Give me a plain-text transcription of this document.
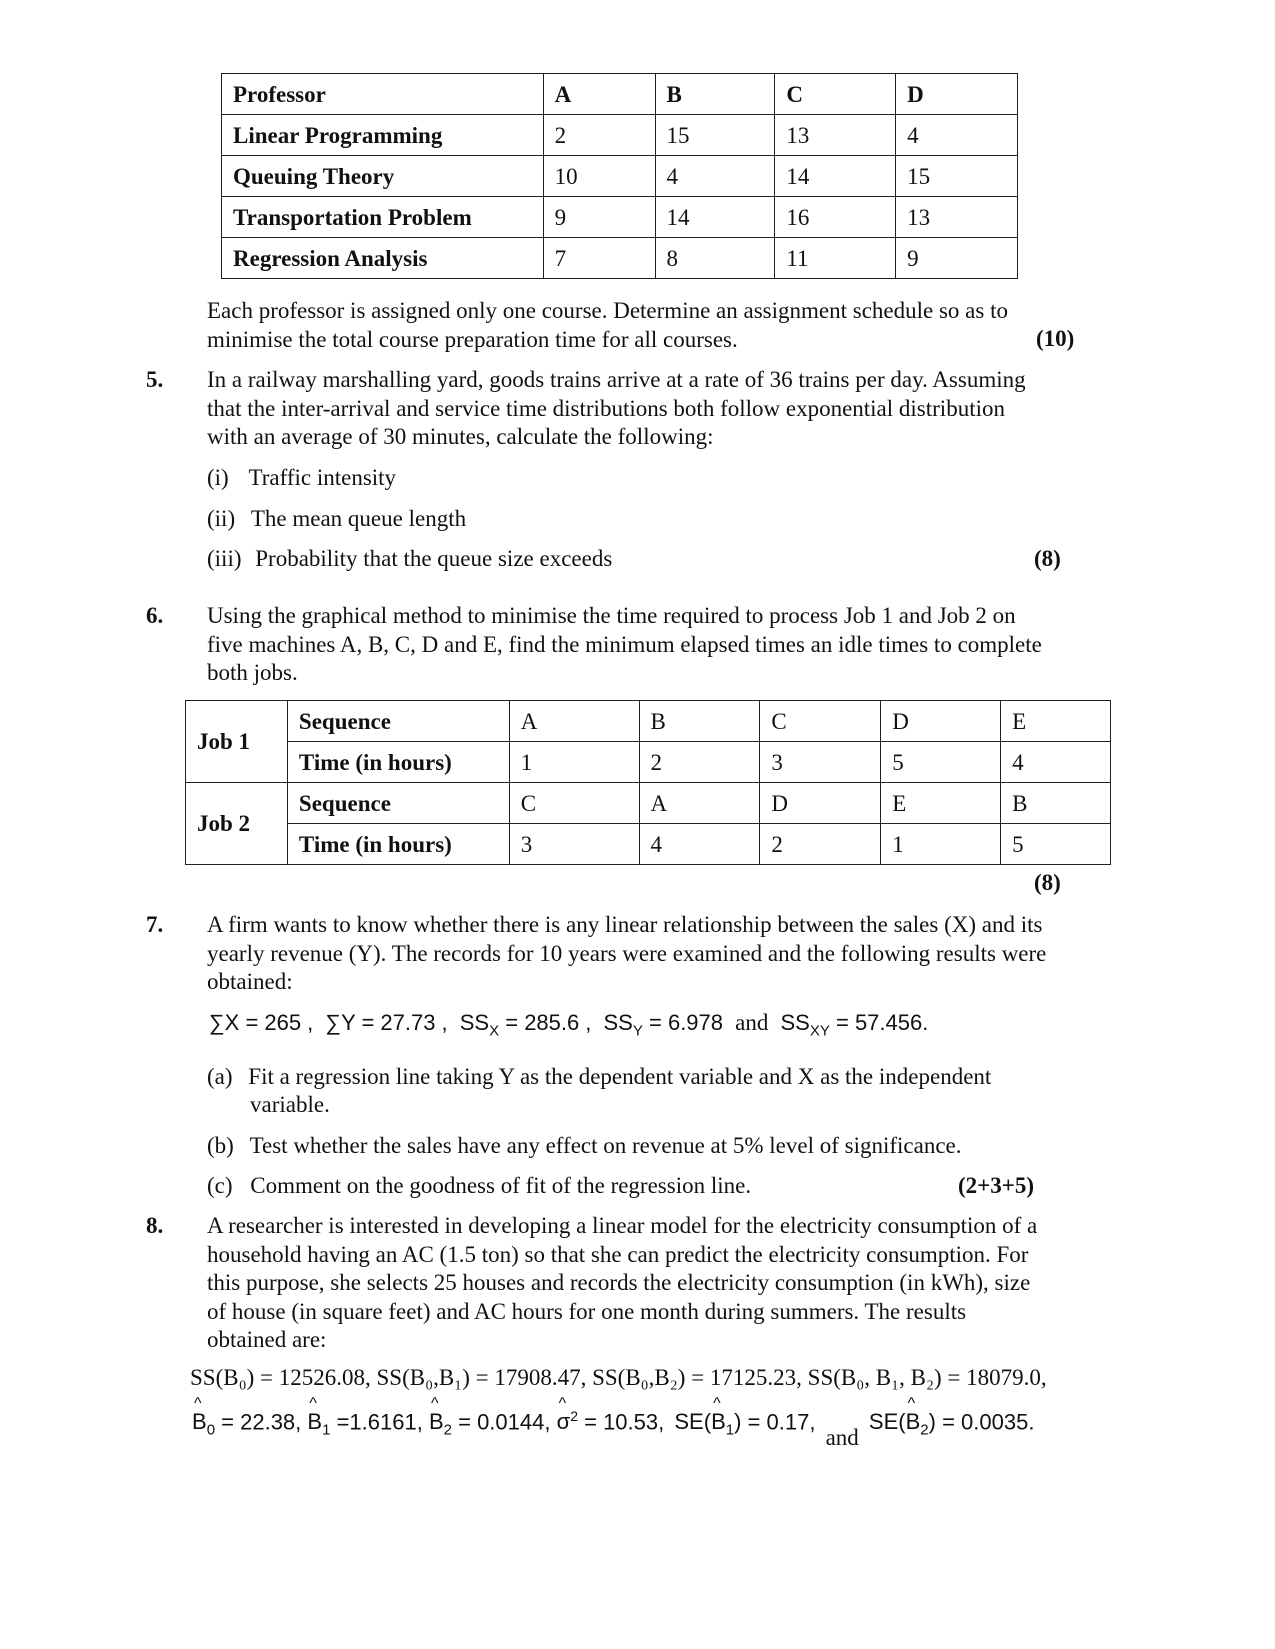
Professor	A	B	C	D
Linear Programming	2	15	13	4
Queuing Theory	10	4	14	15
Transportation Problem	9	14	16	13
Regression Analysis	7	8	11	9
Each professor is assigned only one course. Determine an assignment schedule so as to
minimise the total course preparation time for all courses.	(10)
5. In a railway marshalling yard, goods trains arrive at a rate of 36 trains per day. Assuming
that the inter-arrival and service time distributions both follow exponential distribution
with an average of 30 minutes, calculate the following:
(i) Traffic intensity
(ii) The mean queue length
(iii) Probability that the queue size exceeds	(8)
6. Using the graphical method to minimise the time required to process Job 1 and Job 2 on
five machines A, B, C, D and E, find the minimum elapsed times an idle times to complete
both jobs.
Job 1	Sequence	A	B	C	D	E
	Time (in hours)	1	2	3	5	4
Job 2	Sequence	C	A	D	E	B
	Time (in hours)	3	4	2	1	5
(8)
7. A firm wants to know whether there is any linear relationship between the sales (X) and its
yearly revenue (Y). The records for 10 years were examined and the following results were
obtained:
∑X = 265 , ∑Y = 27.73 , $SS_X = 285.6$ , $SS_Y = 6.978$ and $SS_{XY} = 57.456$.
(a) Fit a regression line taking Y as the dependent variable and X as the independent
variable.
(b) Test whether the sales have any effect on revenue at 5% level of significance.
(c) Comment on the goodness of fit of the regression line.	(2+3+5)
8. A researcher is interested in developing a linear model for the electricity consumption of a
household having an AC (1.5 ton) so that she can predict the electricity consumption. For
this purpose, she selects 25 houses and records the electricity consumption (in kWh), size
of house (in square feet) and AC hours for one month during summers. The results
obtained are:
SS(B₀) = 12526.08, SS(B₀,B₁) = 17908.47, SS(B₀,B₂) = 17125.23, SS(B₀, B₁, B₂) = 18079.0,
^ $B_0 = 22.38$, ^ $B_1 =1.6161$, ^ $B_2 = 0.0144$, ^ $\sigma^2 = 10.53$, SE(^ $B_1) = 0.17$, and SE(^ $B_2) = 0.0035$.
